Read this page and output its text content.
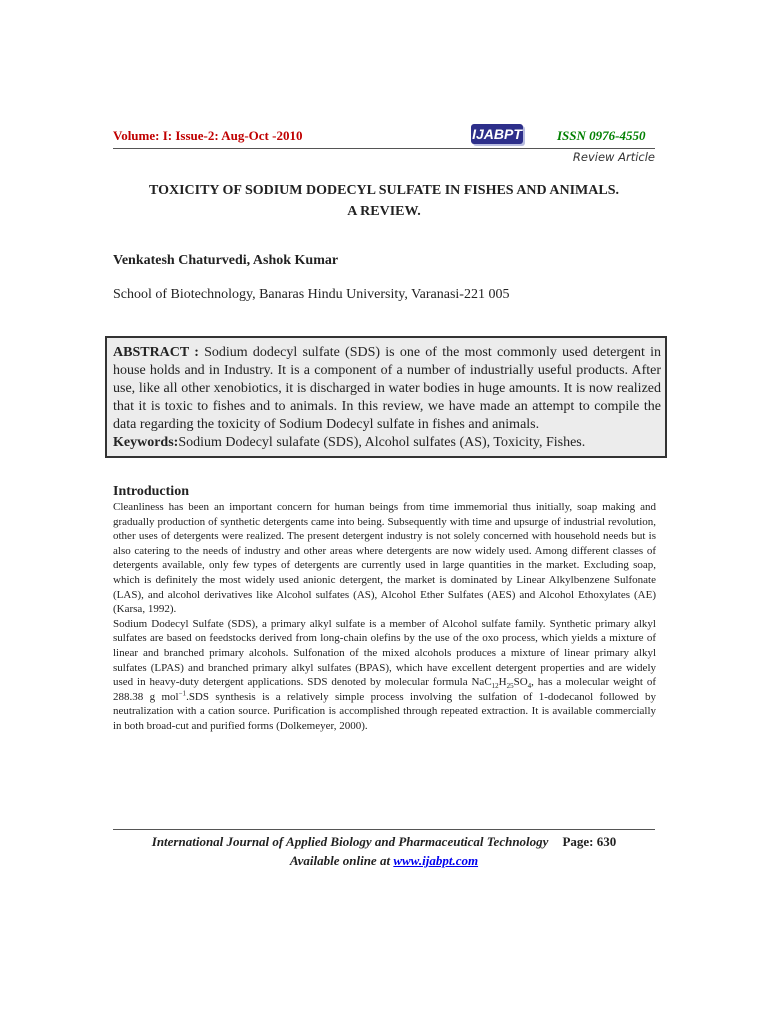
Volume: I: Issue-2: Aug-Oct -2010	IJABPT	ISSN 0976-4550
Review Article
TOXICITY OF SODIUM DODECYL SULFATE IN FISHES AND ANIMALS.
A REVIEW.
Venkatesh Chaturvedi, Ashok Kumar
School of Biotechnology, Banaras Hindu University, Varanasi-221 005
ABSTRACT : Sodium dodecyl sulfate (SDS) is one of the most commonly used detergent in house holds and in Industry. It is a component of a number of industrially useful products. After use, like all other xenobiotics, it is discharged in water bodies in huge amounts. It is now realized that it is toxic to fishes and to animals. In this review, we have made an attempt to compile the data regarding the toxicity of Sodium Dodecyl sulfate in fishes and animals.
Keywords:Sodium Dodecyl sulafate (SDS), Alcohol sulfates (AS), Toxicity, Fishes.
Introduction

Cleanliness has been an important concern for human beings from time immemorial thus initially, soap making and gradually production of synthetic detergents came into being. Subsequently with time and upsurge of industrial revolution, other uses of detergents were realized. The present detergent industry is not solely concerned with household needs but is also catering to the needs of industry and other areas where detergents are now widely used. Among different classes of detergents available, only few types of detergents are currently used in large quantities in the market. Excluding soap, which is definitely the most widely used anionic detergent, the market is dominated by Linear Alkylbenzene Sulfonate (LAS), and alcohol derivatives like Alcohol sulfates (AS), Alcohol Ether Sulfates (AES) and Alcohol Ethoxylates (AE) (Karsa, 1992).

Sodium Dodecyl Sulfate (SDS), a primary alkyl sulfate is a member of Alcohol sulfate family. Synthetic primary alkyl sulfates are based on feedstocks derived from long-chain olefins by the use of the oxo process, which yields a mixture of linear and branched primary alcohols. Sulfonation of the mixed alcohols produces a mixture of linear primary alkyl sulfates (LPAS) and branched primary alkyl sulfates (BPAS), which have excellent detergent properties and are widely used in heavy-duty detergent applications. SDS denoted by molecular formula $NaC_{12}H_{25}SO_4$, has a molecular weight of 288.38 g mol$^{-1}$.SDS synthesis is a relatively simple process involving the sulfation of 1-dodecanol followed by neutralization with a cation source. Purification is accomplished through repeated extraction. It is available commercially in both broad-cut and purified forms (Dolkemeyer, 2000).

International Journal of Applied Biology and Pharmaceutical Technology Page: 630
Available online at www.ijabpt.com
